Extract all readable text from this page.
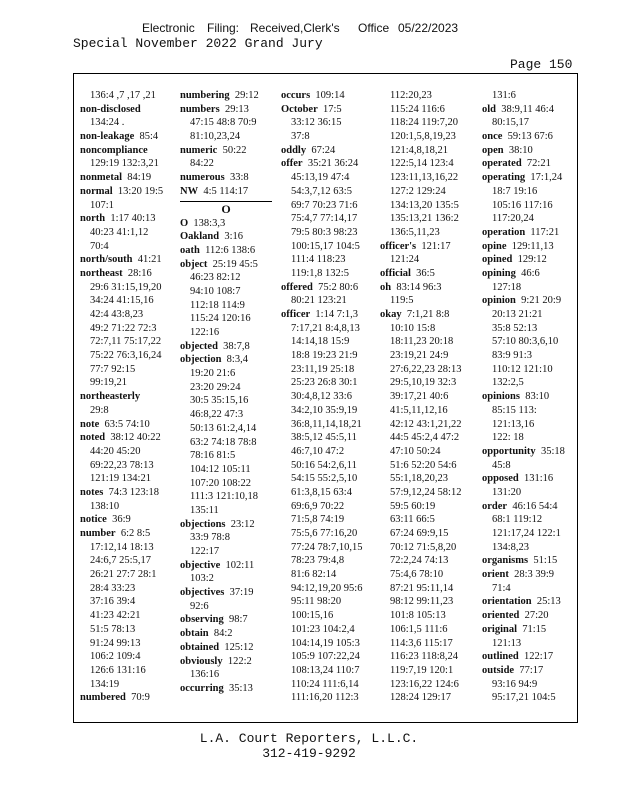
Electronic Filing: Received,Clerk's Office 05/22/2023
Special November 2022 Grand Jury
Page 150
136:4 ,7 ,17 ,21
non-disclosed
134:24 .
non-leakage 85:4
noncompliance
129:19 132:3,21
nonmetal 84:19
normal 13:20 19:5
107:1
north 1:17 40:13
40:23 41:1,12
70:4
north/south 41:21
northeast 28:16
29:6 31:15,19,20
34:24 41:15,16
42:4 43:8,23
49:2 71:22 72:3
72:7,11 75:17,22
75:22 76:3,16,24
77:7 92:15
99:19,21
northeasterly
29:8
note 63:5 74:10
noted 38:12 40:22
44:20 45:20
69:22,23 78:13
121:19 134:21
notes 74:3 123:18
138:10
notice 36:9
number 6:2 8:5
17:12,14 18:13
24:6,7 25:5,17
26:21 27:7 28:1
28:4 33:23
37:16 39:4
41:23 42:21
51:5 78:13
91:24 99:13
106:2 109:4
126:6 131:16
134:19
numbered 70:9
numbering 29:12
numbers 29:13
47:15 48:8 70:9
81:10,23,24
numeric 50:22
84:22
numerous 33:8
NW 4:5 114:17
O
O 138:3,3
Oakland 3:16
oath 112:6 138:6
object 25:19 45:5
46:23 82:12
94:10 108:7
112:18 114:9
115:24 120:16
122:16
objected 38:7,8
objection 8:3,4
19:20 21:6
23:20 29:24
30:5 35:15,16
46:8,22 47:3
50:13 61:2,4,14
63:2 74:18 78:8
78:16 81:5
104:12 105:11
107:20 108:22
111:3 121:10,18
135:11
objections 23:12
33:9 78:8
122:17
objective 102:11
103:2
objectives 37:19
92:6
observing 98:7
obtain 84:2
obtained 125:12
obviously 122:2
136:16
occurring 35:13
occurs 109:14
October 17:5
33:12 36:15
37:8
oddly 67:24
offer 35:21 36:24
45:13,19 47:4
54:3,7,12 63:5
69:7 70:23 71:6
75:4,7 77:14,17
79:5 80:3 98:23
100:15,17 104:5
111:4 118:23
119:1,8 132:5
offered 75:2 80:6
80:21 123:21
officer 1:14 7:1,3
7:17,21 8:4,8,13
14:14,18 15:9
18:8 19:23 21:9
23:11,19 25:18
25:23 26:8 30:1
30:4,8,12 33:6
34:2,10 35:9,19
36:8,11,14,18,21
38:5,12 45:5,11
46:7,10 47:2
50:16 54:2,6,11
54:15 55:2,5,10
61:3,8,15 63:4
69:6,9 70:22
71:5,8 74:19
75:5,6 77:16,20
77:24 78:7,10,15
78:23 79:4,8
81:6 82:14
94:12,19,20 95:6
95:11 98:20
100:15,16
101:23 104:2,4
104:14,19 105:3
105:9 107:22,24
108:13,24 110:7
110:24 111:6,14
111:16,20 112:3
112:20,23
115:24 116:6
118:24 119:7,20
120:1,5,8,19,23
121:4,8,18,21
122:5,14 123:4
123:11,13,16,22
127:2 129:24
134:13,20 135:5
135:13,21 136:2
136:5,11,23
officer's 121:17
121:24
official 36:5
oh 83:14 96:3
119:5
okay 7:1,21 8:8
10:10 15:8
18:11,23 20:18
23:19,21 24:9
27:6,22,23 28:13
29:5,10,19 32:3
39:17,21 40:6
41:5,11,12,16
42:12 43:1,21,22
44:5 45:2,4 47:2
47:10 50:24
51:6 52:20 54:6
55:1,18,20,23
57:9,12,24 58:12
59:5 60:19
63:11 66:5
67:24 69:9,15
70:12 71:5,8,20
72:2,24 74:13
75:4,6 78:10
87:21 95:11,14
98:12 99:11,23
101:8 105:13
106:1,5 111:6
114:3,6 115:17
116:23 118:8,24
119:7,19 120:1
123:16,22 124:6
128:24 129:17
131:6
old 38:9,11 46:4
80:15,17
once 59:13 67:6
open 38:10
operated 72:21
operating 17:1,24
18:7 19:16
105:16 117:16
117:20,24
operation 117:21
opine 129:11,13
opined 129:12
opining 46:6
127:18
opinion 9:21 20:9
20:13 21:21
35:8 52:13
57:10 80:3,6,10
83:9 91:3
110:12 121:10
132:2,5
opinions 83:10
85:15 113:
121:13,16
122: 18
opportunity 35:18
45:8
opposed 131:16
131:20
order 46:16 54:4
68:1 119:12
121:17,24 122:1
134:8,23
organisms 51:15
orient 28:3 39:9
71:4
orientation 25:13
oriented 27:20
original 71:15
121:13
outlined 122:17
outside 77:17
93:16 94:9
95:17,21 104:5
L.A. Court Reporters, L.L.C.
312-419-9292
